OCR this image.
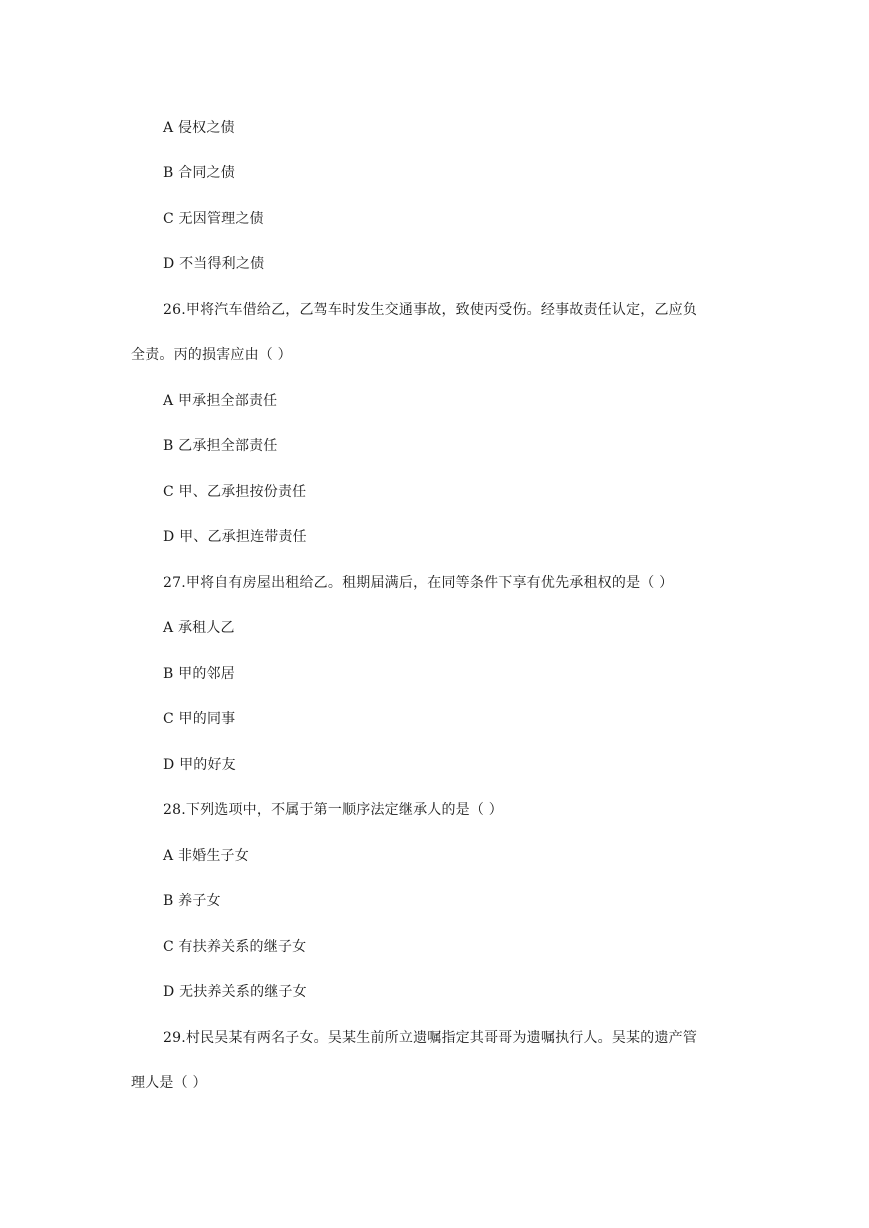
A 侵权之债
B 合同之债
C 无因管理之债
D 不当得利之债
26.甲将汽车借给乙，乙驾车时发生交通事故，致使丙受伤。经事故责任认定，乙应负
全责。丙的损害应由（ ）
A 甲承担全部责任
B 乙承担全部责任
C 甲、乙承担按份责任
D 甲、乙承担连带责任
27.甲将自有房屋出租给乙。租期届满后，在同等条件下享有优先承租权的是（ ）
A 承租人乙
B 甲的邻居
C 甲的同事
D 甲的好友
28.下列选项中，不属于第一顺序法定继承人的是（ ）
A 非婚生子女
B 养子女
C 有扶养关系的继子女
D 无扶养关系的继子女
29.村民吴某有两名子女。吴某生前所立遗嘱指定其哥哥为遗嘱执行人。吴某的遗产管
理人是（ ）
